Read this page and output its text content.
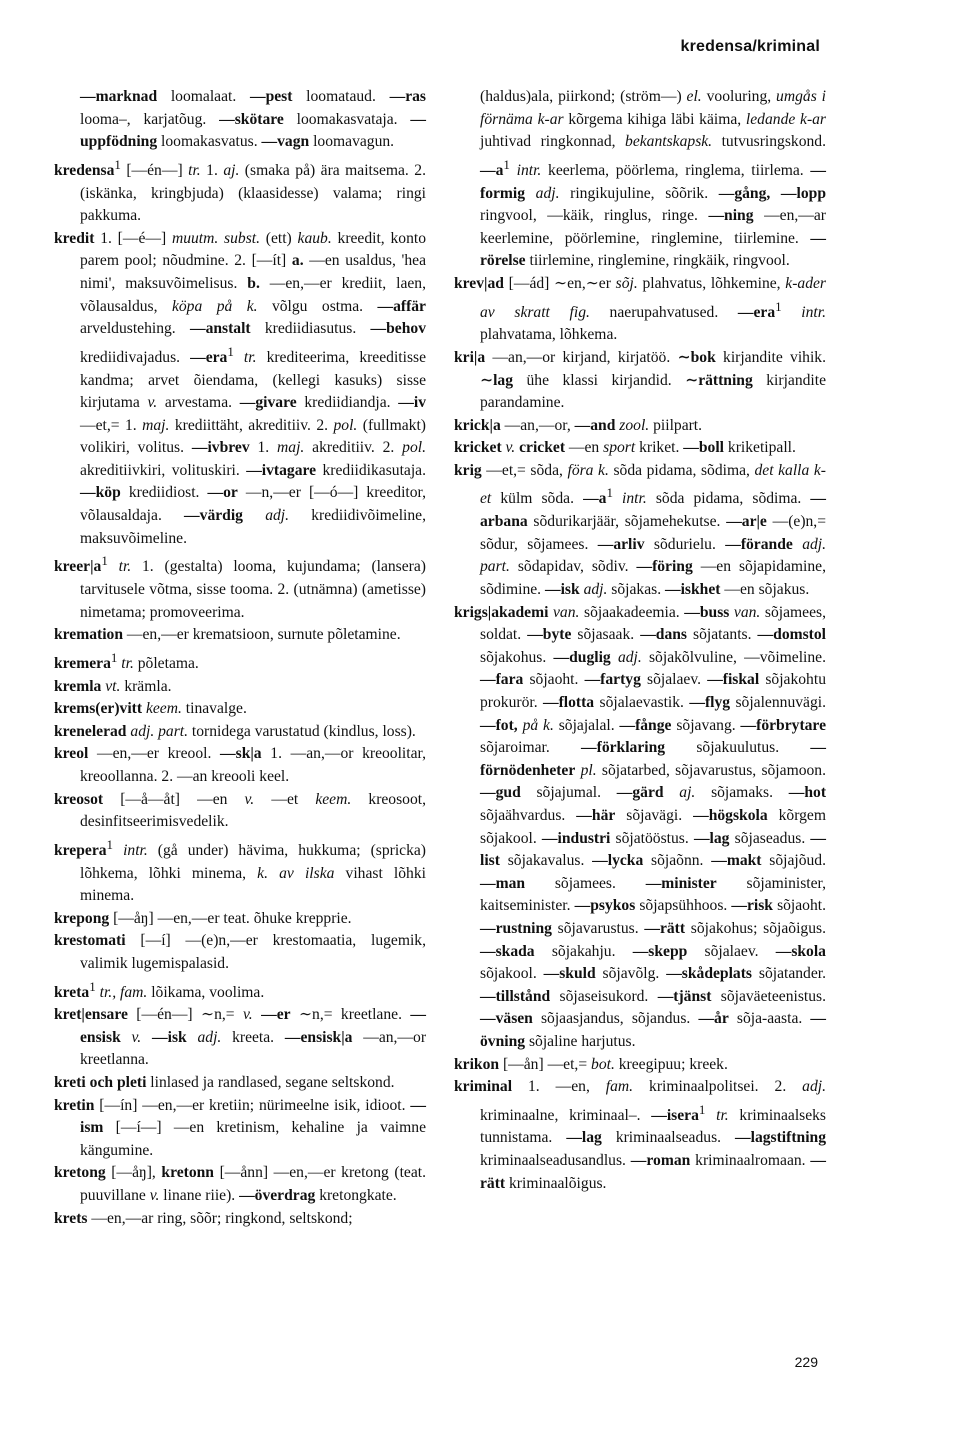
kredensa/kriminal

—marknad loomalaat. —pest loomataud. —ras looma–, karjatõug. —skötare loomakasvataja. —uppfödning loomakasvatus. —vagn loomavagun.

kredensa$^1$ [—én—] tr. 1. aj. (smaka på) ära maitsema. 2. (iskänka, kringbjuda) (klaasidesse) valama; ringi pakkuma.

kredit 1. [—é—] muutm. subst. (ett) kaub. kreedit, konto parem pool; nõudmine. 2. [—ít] a. —en usaldus, 'hea nimi', maksuvõimelisus. b. —en,—er krediit, laen, võlausaldus, köpa på k. võlgu ostma. —affär arveldustehing. —anstalt krediidiasutus. —behov krediidivajadus. —era$^1$ tr. krediteerima, kreeditisse kandma; arvet õiendama, (kellegi kasuks) sisse kirjutama v. arvestama. —givare krediidiandja. —iv —et,= 1. maj. krediittäht, akreditiiv. 2. pol. (fullmakt) volikiri, volitus. —ivbrev 1. maj. akreditiiv. 2. pol. akreditiivkiri, volituskiri. —ivtagare krediidikasutaja. —köp krediidiost. —or —n,—er [—ó—] kreeditor, võlausaldaja. —värdig adj. krediidivõimeline, maksuvõimeline.

$kreer|a^1$ tr. 1. (gestalta) looma, kujundama; (lansera) tarvitusele võtma, sisse tooma. 2. (utnämna) (ametisse) nimetama; promoveerima.

kremation —en,—er krematsioon, surnute põletamine.

kremera$^1$ tr. põletama.

kremla vt. krämla.

krems(er)vitt keem. tinavalge.

krenelerad adj. part. tornidega varustatud (kindlus, loss).

kreol —en,—er kreool. —sk|a 1. —an,—or kreoolitar, kreoollanna. 2. —an kreooli keel.

kreosot [—å—åt] —en v. —et keem. kreosoot, desinfitseerimisvedelik.

krepera$^1$ intr. (gå under) hävima, hukkuma; (spricka) lõhkema, lõhki minema, k. av ilska vihast lõhki minema.

krepong [—åŋ] —en,—er teat. õhuke krepprie.

krestomati [—í] —(e)n,—er krestomaatia, lugemik, valimik lugemispalasid.

kreta$^1$ tr., fam. lõikama, voolima.

kret|ensare [—én—] ∼n,= v. —er ∼n,= kreetlane. —ensisk v. —isk adj. kreeta. —ensisk|a —an,—or kreetlanna.

kreti och pleti linlased ja randlased, segane seltskond.

kretin [—ín] —en,—er kretiin; nürimeelne isik, idioot. —ism [—í—] —en kretinism, kehaline ja vaimne kängumine.

kretong [—åŋ], kretonn [—ånn] —en,—er kretong (teat. puuvillane v. linane riie). —överdrag kretongkate.

krets —en,—ar ring, sõõr; ringkond, seltskond;

(haldus)ala, piirkond; (ström—) el. vooluring, umgås i förnäma k-ar kõrgema kihiga läbi käima, ledande k-ar juhtivad ringkonnad, bekantskapsk. tutvusringskond. $—a^1$ intr. keerlema, pöörlema, ringlema, tiirlema. —formig adj. ringikujuline, sõõrik. —gång, —lopp ringvool, —käik, ringlus, ringe. —ning —en,—ar keerlemine, pöörlemine, ringlemine, tiirlemine. —rörelse tiirlemine, ringlemine, ringkäik, ringvool.

krev|ad [—ád] ∼en,∼er sõj. plahvatus, lõhkemine, k-ader av skratt fig. naerupahvatused. —era$^1$ intr. plahvatama, lõhkema.

kri|a —an,—or kirjand, kirjatöö. ∼bok kirjandite vihik. ∼lag ühe klassi kirjandid. ∼rättning kirjandite parandamine.

krick|a —an,—or, —and zool. piilpart.

kricket v. cricket —en sport kriket. —boll kriketipall.

krig —et,= sõda, föra k. sõda pidama, sõdima, det kalla k-et külm sõda. $—a^1$ intr. sõda pidama, sõdima. —arbana sõdurikarjäär, sõjamehekutse. —ar|e —(e)n,= sõdur, sõjamees. —arliv sõdurielu. —förande adj. part. sõdapidav, sõdiv. —föring —en sõjapidamine, sõdimine. —isk adj. sõjakas. —iskhet —en sõjakus.

krigs|akademi van. sõjaakadeemia. —buss van. sõjamees, soldat. —byte sõjasaak. —dans sõjatants. —domstol sõjakohus. —duglig adj. sõjakõlvuline, —võimeline. —fara sõjaoht. —fartyg sõjalaev. —fiskal sõjakohtu prokurör. —flotta sõjalaevastik. —flyg sõjalennuvägi. —fot, på k. sõjajalal. —fånge sõjavang. —förbrytare sõjaroimar. —förklaring sõjakuulutus. —förnödenheter pl. sõjatarbed, sõjavarustus, sõjamoon. —gud sõjajumal. —gärd aj. sõjamaks. —hot sõjaähvardus. —här sõjavägi. —högskola kõrgem sõjakool. —industri sõjatööstus. —lag sõjaseadus. —list sõjakavalus. —lycka sõjaõnn. —makt sõjajõud. —man sõjamees. —minister sõjaminister, kaitseminister. —psykos sõjapsühhoos. —risk sõjaoht. —rustning sõjavarustus. —rätt sõjakohus; sõjaõigus. —skada sõjakahju. —skepp sõjalaev. —skola sõjakool. —skuld sõjavõlg. —skådeplats sõjatander. —tillstånd sõjaseisukord. —tjänst sõjaväeteenistus. —väsen sõjaasjandus, sõjandus. —år sõja-aasta. —övning sõjaline harjutus.

krikon [—ån] —et,= bot. kreegipuu; kreek.

kriminal 1. —en, fam. kriminaalpolitsei. 2. adj. kriminaalne, kriminaal–. —isera$^1$ tr. kriminaalseks tunnistama. —lag kriminaalseadus. —lagstiftning kriminaalseadusandlus. —roman kriminaalromaan. —rätt kriminaalõigus.

229
